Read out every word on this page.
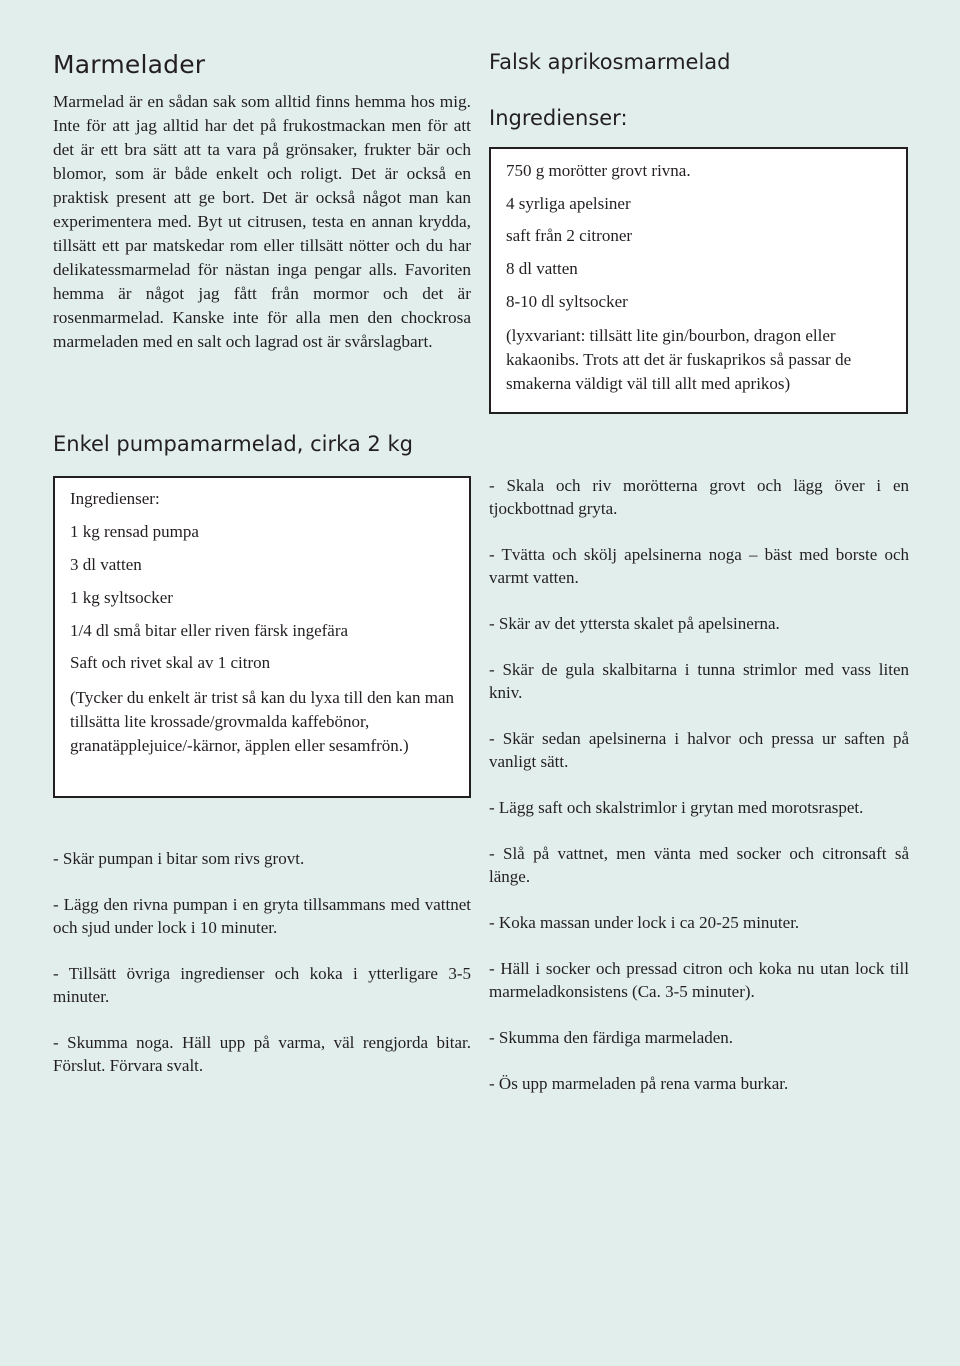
Marmelader

Marmelad är en sådan sak som alltid finns hemma hos mig. Inte för att jag alltid har det på frukostmackan men för att det är ett bra sätt att ta vara på grönsaker, frukter bär och blomor, som är både enkelt och roligt. Det är också en praktisk present att ge bort. Det är också något man kan experimentera med. Byt ut citrusen, testa en annan krydda, tillsätt ett par matskedar rom eller tillsätt nötter och du har delikatessmarmelad för nästan inga pengar alls. Favoriten hemma är något jag fått från mormor och det är rosenmarmelad. Kanske inte för alla men den chockrosa marmeladen med en salt och lagrad ost är svårslagbart.

Enkel pumpamarmelad, cirka 2 kg

Ingredienser:

1 kg rensad pumpa

3 dl vatten

1 kg syltsocker

1/4 dl små bitar eller riven färsk ingefära

Saft och rivet skal av 1 citron

(Tycker du enkelt är trist så kan du lyxa till den kan man tillsätta lite krossade/grovmalda kaffebönor, granatäpplejuice/-kärnor, äpplen eller sesamfrön.)

- Skär pumpan i bitar som rivs grovt.

- Lägg den rivna pumpan i en gryta tillsammans med vattnet och sjud under lock i 10 minuter.

- Tillsätt övriga ingredienser och koka i ytterligare 3-5 minuter.

- Skumma noga. Häll upp på varma, väl rengjorda bitar. Förslut. Förvara svalt.

Falsk aprikosmarmelad
Ingredienser:

750 g morötter grovt rivna.

4 syrliga apelsiner

saft från 2 citroner

8 dl vatten

8-10 dl syltsocker

(lyxvariant: tillsätt lite gin/bourbon, dragon eller kakaonibs. Trots att det är fuskaprikos så passar de smakerna väldigt väl till allt med aprikos)

- Skala och riv morötterna grovt och lägg över i en tjockbottnad gryta.

- Tvätta och skölj apelsinerna noga – bäst med borste och varmt vatten.

- Skär av det yttersta skalet på apelsinerna.

- Skär de gula skalbitarna i tunna strimlor med vass liten kniv.

- Skär sedan apelsinerna i halvor och pressa ur saften på vanligt sätt.

- Lägg saft och skalstrimlor i grytan med morotsraspet.

- Slå på vattnet, men vänta med socker och citronsaft så länge.

- Koka massan under lock i ca 20-25 minuter.

- Häll i socker och pressad citron och koka nu utan lock till marmeladkonsistens (Ca. 3-5 minuter).

- Skumma den färdiga marmeladen.

- Ös upp marmeladen på rena varma burkar.
